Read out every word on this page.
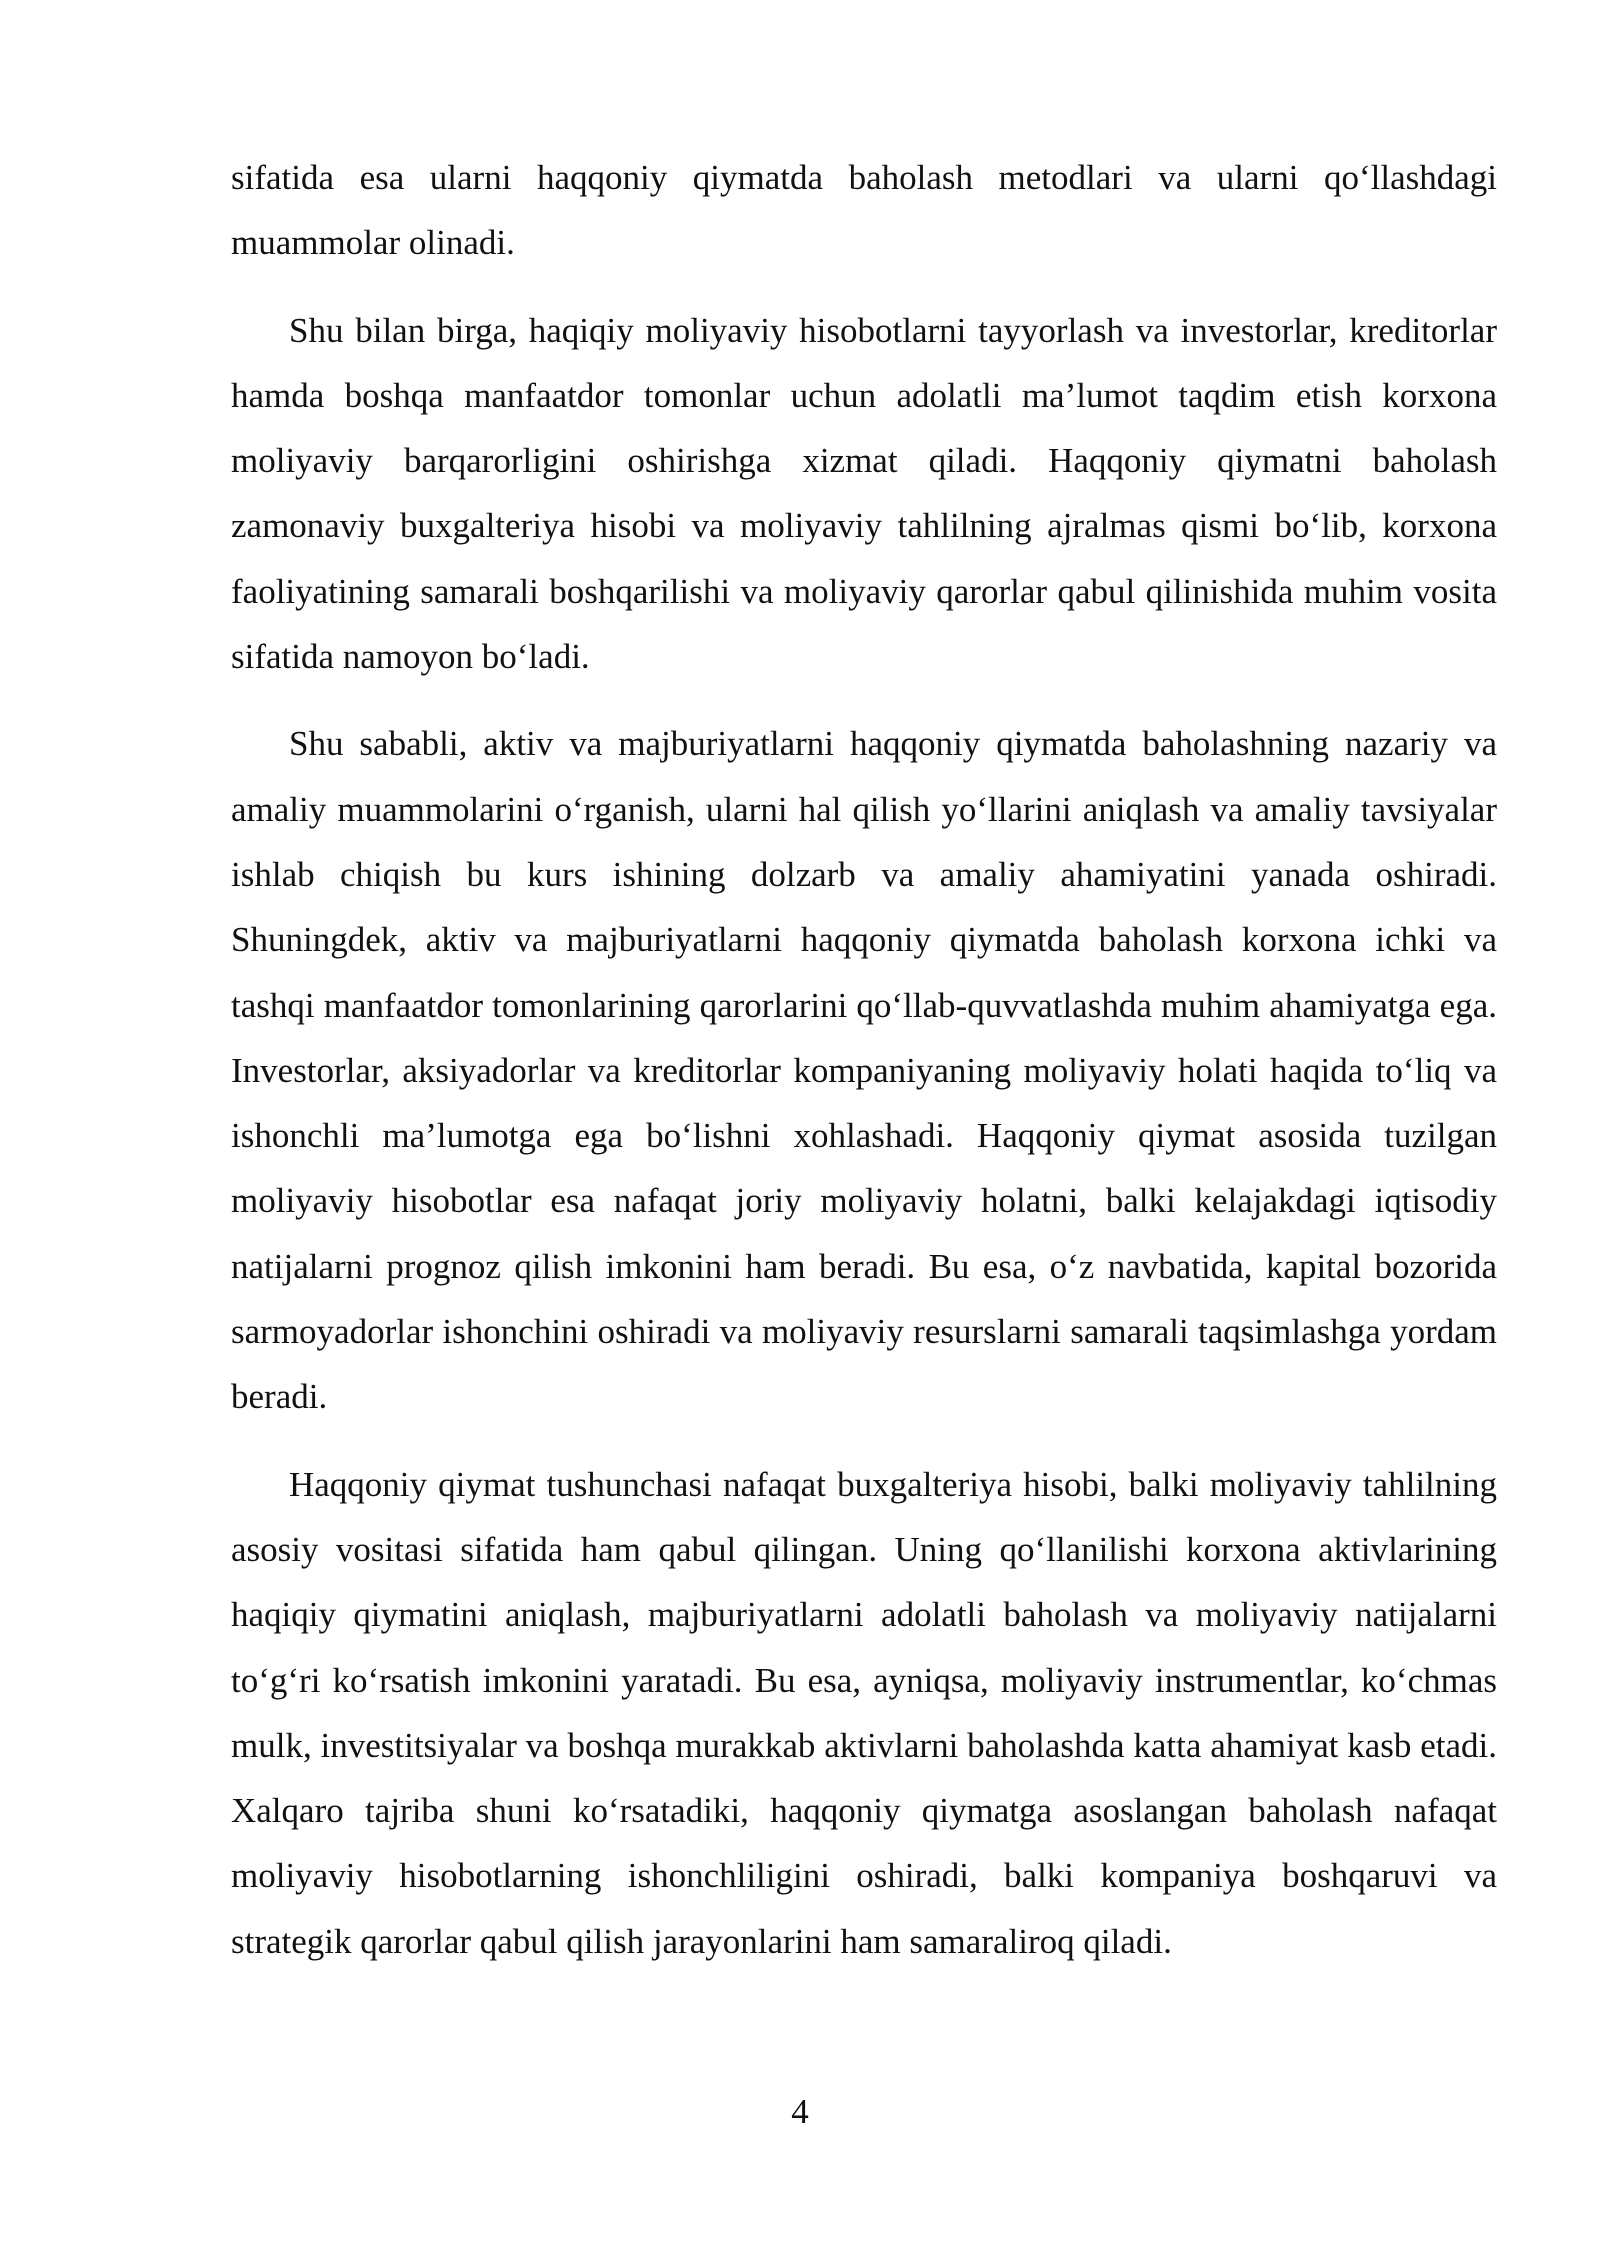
sifatida esa ularni haqqoniy qiymatda baholash metodlari va ularni qo‘llashdagi muammolar olinadi.

Shu bilan birga, haqiqiy moliyaviy hisobotlarni tayyorlash va investorlar, kreditorlar hamda boshqa manfaatdor tomonlar uchun adolatli ma’lumot taqdim etish korxona moliyaviy barqarorligini oshirishga xizmat qiladi. Haqqoniy qiymatni baholash zamonaviy buxgalteriya hisobi va moliyaviy tahlilning ajralmas qismi bo‘lib, korxona faoliyatining samarali boshqarilishi va moliyaviy qarorlar qabul qilinishida muhim vosita sifatida namoyon bo‘ladi.

Shu sababli, aktiv va majburiyatlarni haqqoniy qiymatda baholashning nazariy va amaliy muammolarini o‘rganish, ularni hal qilish yo‘llarini aniqlash va amaliy tavsiyalar ishlab chiqish bu kurs ishining dolzarb va amaliy ahamiyatini yanada oshiradi. Shuningdek, aktiv va majburiyatlarni haqqoniy qiymatda baholash korxona ichki va tashqi manfaatdor tomonlarining qarorlarini qo‘llab-quvvatlashda muhim ahamiyatga ega. Investorlar, aksiyadorlar va kreditorlar kompaniyaning moliyaviy holati haqida to‘liq va ishonchli ma’lumotga ega bo‘lishni xohlashadi. Haqqoniy qiymat asosida tuzilgan moliyaviy hisobotlar esa nafaqat joriy moliyaviy holatni, balki kelajakdagi iqtisodiy natijalarni prognoz qilish imkonini ham beradi. Bu esa, o‘z navbatida, kapital bozorida sarmoyadorlar ishonchini oshiradi va moliyaviy resurslarni samarali taqsimlashga yordam beradi.

Haqqoniy qiymat tushunchasi nafaqat buxgalteriya hisobi, balki moliyaviy tahlilning asosiy vositasi sifatida ham qabul qilingan. Uning qo‘llanilishi korxona aktivlarining haqiqiy qiymatini aniqlash, majburiyatlarni adolatli baholash va moliyaviy natijalarni to‘g‘ri ko‘rsatish imkonini yaratadi. Bu esa, ayniqsa, moliyaviy instrumentlar, ko‘chmas mulk, investitsiyalar va boshqa murakkab aktivlarni baholashda katta ahamiyat kasb etadi. Xalqaro tajriba shuni ko‘rsatadiki, haqqoniy qiymatga asoslangan baholash nafaqat moliyaviy hisobotlarning ishonchliligini oshiradi, balki kompaniya boshqaruvi va strategik qarorlar qabul qilish jarayonlarini ham samaraliroq qiladi.

4
